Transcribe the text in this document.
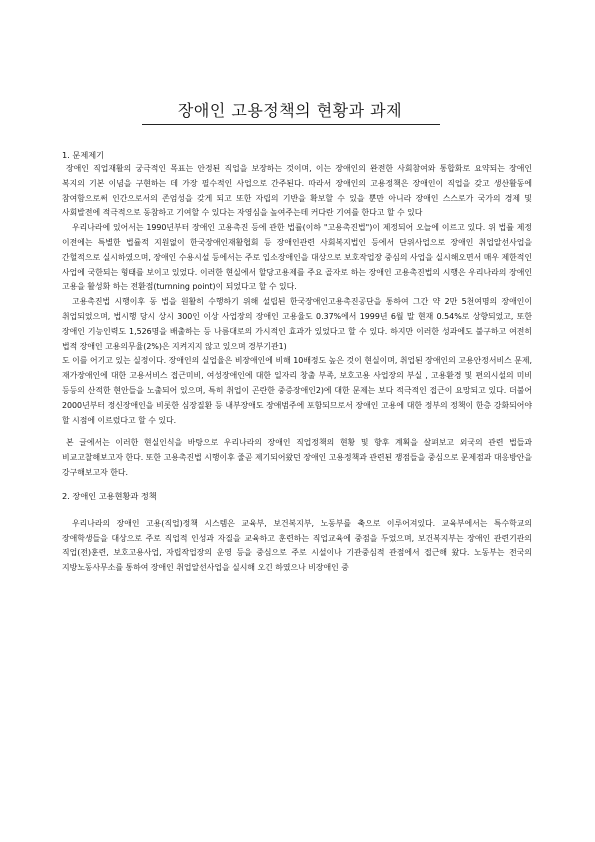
장애인 고용정책의 현황과 과제

1. 문제제기

장애인 직업재활의 궁극적인 목표는 안정된 직업을 보장하는 것이며, 이는 장애인의 완전한 사회참여와 통합화로 요약되는 장애인 복지의 기본 이념을 구현하는 데 가장 필수적인 사업으로 간주된다. 따라서 장애인의 고용정책은 장애인이 직업을 갖고 생산활동에 참여함으로써 인간으로서의 존엄성을 갖게 되고 또한 자립의 기반을 확보할 수 있을 뿐만 아니라 장애인 스스로가 국가의 경제 및 사회발전에 적극적으로 동참하고 기여할 수 있다는 자영심을 높여주는데 커다란 기여를 한다고 할 수 있다

우리나라에 있어서는 1990년부터 장애인 고용촉진 등에 관한 법률(이하 "고용촉진법")이 제정되어 오늘에 이르고 있다. 위 법률 제정 이전에는 특별한 법률적 지원없이 한국장애인재활협회 등 장애인관련 사회복지법인 등에서 단위사업으로 장애인 취업알선사업을 간헐적으로 실시하였으며, 장애인 수용시설 등에서는 주로 입소장애인을 대상으로 보호작업장 중심의 사업을 실시해오면서 매우 제한적인 사업에 국한되는 형태를 보이고 있었다. 이러한 현실에서 할당고용제를 주요 골자로 하는 장애인 고용촉진법의 시행은 우리나라의 장애인 고용을 활성화 하는 전환점(turnning point)이 되었다고 할 수 있다.

고용촉진법 시행이후 동 법을 원활히 수행하기 위해 설립된 한국장애인고용촉진공단을 통하여 그간 약 2만 5천여명의 장애인이 취업되었으며, 법시행 당시 상시 300인 이상 사업장의 장애인 고용율도 0.37%에서 1999년 6월 말 현재 0.54%로 상향되었고, 또한 장애인 기능인력도 1,526명을 배출하는 등 나름대로의 가시적인 효과가 있었다고 할 수 있다. 하지만 이러한 성과에도 불구하고 여전히 법적 장애인 고용의무율(2%)은 지켜지지 않고 있으며 경부기관1)

도 이를 어기고 있는 실정이다. 장애인의 실업율은 비장애인에 비해 10배정도 높은 것이 현실이며, 취업된 장애인의 고용안정서비스 문제, 재가장애인에 대한 고용서비스 접근미비, 여성장애인에 대한 일자리 창출 부족, 보호고용 사업장의 부실 , 고용환경 및 편의시설의 미비 등등의 산적한 현안들을 노출되어 있으며, 특히 취업이 곤란한 중증장애인2)에 대한 문제는 보다 적극적인 접근이 요망되고 있다. 더불어 2000년부터 정신장애인을 비롯한 심장질환 등 내부장애도 장애범주에 포함되므로서 장애인 고용에 대한 정부의 정책이 한층 강화되어야 할 시점에 이르렀다고 할 수 있다.

본 글에서는 이러한 현실인식을 바탕으로 우리나라의 장애인 직업정책의 현황 및 향후 계획을 살펴보고 외국의 관련 법들과 비교고찰해보고자 한다. 또한 고용촉진법 시행이후 줄곧 제기되어왔던 장애인 고용정책과 관련된 쟁점들을 중심으로 문제점과 대응방안을 강구해보고자 한다.

2. 장애인 고용현황과 정책

우리나라의 장애인 고용(직업)정책 시스템은 교육부, 보건복지부, 노동부를 축으로 이루어져있다. 교육부에서는 특수학교의 장애학생들을 대상으로 주로 직업적 인성과 자질을 교육하고 훈련하는 직업교육에 중점을 두었으며, 보건복지부는 장애인 관련기관의 직업(전)훈련, 보호고용사업, 자립작업장의 운영 등을 중심으로 주로 시설이나 기관중심적 관점에서 접근해 왔다. 노동부는 전국의 지방노동사무소를 통하여 장애인 취업알선사업을 실시해 오긴 하였으나 비장애인 중
